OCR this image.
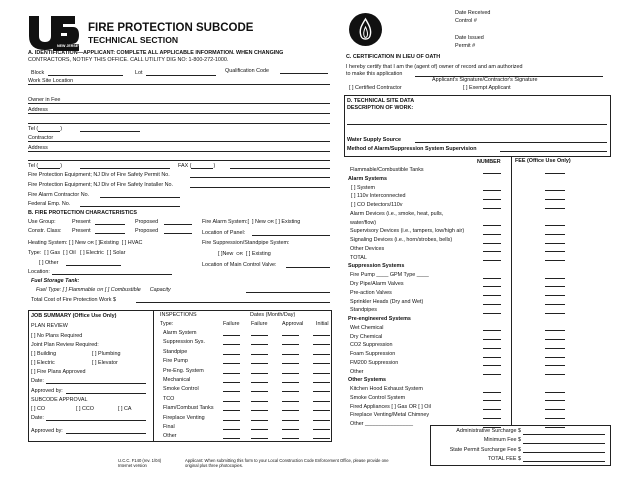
NEW JERSEY
FIRE PROTECTION SUBCODE
TECHNICAL SECTION
Date Received
Control #
Date Issued
Permit #
A. IDENTIFICATION—APPLICANT: COMPLETE ALL APPLICABLE INFORMATION. WHEN CHANGING
CONTRACTORS, NOTIFY THIS OFFICE. CALL UTILITY DIG NO: 1-800-272-1000.
Block	Lot	Qualification Code
Work Site Location
Owner in Fee
Address
Tel (	)
Contractor
Address
Tel (	)	FAX (	)
Fire Protection Equipment; NJ Div of Fire Safety Permit No.
Fire Protection Equipment; NJ Div of Fire Safety Installer No.
Fire Alarm Contractor No.
Federal Emp. No.
B. FIRE PROTECTION CHARACTERISTICS
Use Group:	Present	Proposed	Fire Alarm System:[ ] New OR [ ] Existing
Constr. Class: Present	Proposed	Location of Panel:
Heating System: [ ] New OR [ ]Existing [ ] HVAC	Fire Suppression/Standpipe System:
Type: [ ] Gas [ ] Oil [ ] Electric [ ] Solar	[ ]New OR [ ] Existing
[ ] Other	Location of Main Control Valve:
Location:
Fuel Storage Tank:
Fuel Type: [ ] Flammable OR [ ] Combustible Capacity
Total Cost of Fire Protection Work $
JOB SUMMARY (Office Use Only)
PLAN REVIEW
[ ] No Plans Required
Joint Plan Review Required:
[ ] Building	[ ] Plumbing
[ ] Electric	[ ] Elevator
[ ] Fire Plans Approved
Date:
Approved by:
SUBCODE APPROVAL
[ ] CO	[ ] CCO	[ ] CA
Date:
Approved by:
INSPECTIONS	Dates (Month/Day)
Type:	Failure Failure	Approval Initial
Alarm System
Suppression Sys.
Standpipe
Fire Pump
Pre-Eng. System
Mechanical
Smoke Control
TCO
Flam/Combust Tanks
Fireplace Venting
Final
Other
U.C.C. F140 (rev. 1/04)
Internet version
Applicant: When submitting this form to your Local Construction Code Enforcement Office, please provide one
original plus three photocopies.
C. CERTIFICATION IN LIEU OF OATH
I hereby certify that I am the (agent of) owner of record and am authorized
to make this application
Applicant's Signature/Contractor's Signature
[ ] Certified Contractor	[ ] Exempt Applicant
D. TECHNICAL SITE DATA
DESCRIPTION OF WORK:
Water Supply Source
Method of Alarm/Suppression System Supervision
NUMBER	FEE (Office Use Only)
Flammable/Combustible Tanks
Alarm Systems
[ ] System
[ ] 110v Interconnected
[ ] CO Detectors/110v
Alarm Devices (i.e., smoke, heat, pulls,
water/flow)
Supervisory Devices (i.e., tampers, low/high air)
Signaling Devices (i.e., horn/strobes, bells)
Other Devices
TOTAL
Suppression Systems
Fire Pump ____ GPM Type ____
Dry Pipe/Alarm Valves
Pre-action Valves
Sprinkler Heads (Dry and Wet)
Standpipes
Pre-engineered Systems
Wet Chemical
Dry Chemical
CO2 Suppression
Foam Suppression
FM200 Suppression
Other
Other Systems
Kitchen Hood Exhaust System
Smoke Control System
Fired Appliances [ ] Gas OR [ ] Oil
Fireplace Venting/Metal Chimney
Other ________________
Administrative Surcharge $
Minimum Fee $
State Permit Surcharge Fee $
TOTAL FEE $
